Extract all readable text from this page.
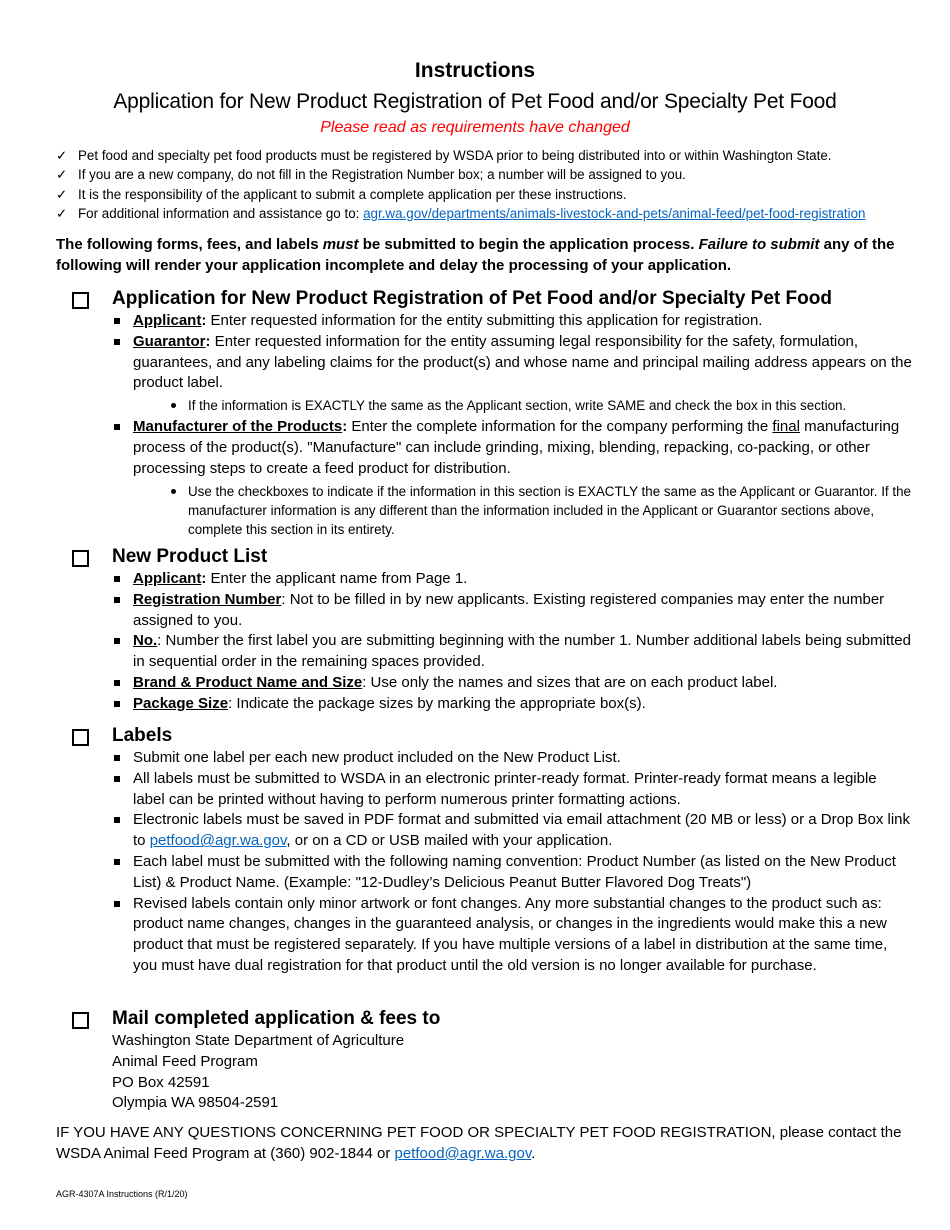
Instructions
Application for New Product Registration of Pet Food and/or Specialty Pet Food
Please read as requirements have changed
✓ Pet food and specialty pet food products must be registered by WSDA prior to being distributed into or within Washington State.
✓ If you are a new company, do not fill in the Registration Number box; a number will be assigned to you.
✓ It is the responsibility of the applicant to submit a complete application per these instructions.
✓ For additional information and assistance go to: agr.wa.gov/departments/animals-livestock-and-pets/animal-feed/pet-food-registration
The following forms, fees, and labels must be submitted to begin the application process. Failure to submit any of the following will render your application incomplete and delay the processing of your application.
Application for New Product Registration of Pet Food and/or Specialty Pet Food
Applicant: Enter requested information for the entity submitting this application for registration.
Guarantor: Enter requested information for the entity assuming legal responsibility for the safety, formulation, guarantees, and any labeling claims for the product(s) and whose name and principal mailing address appears on the product label.
If the information is EXACTLY the same as the Applicant section, write SAME and check the box in this section.
Manufacturer of the Products: Enter the complete information for the company performing the final manufacturing process of the product(s). "Manufacture" can include grinding, mixing, blending, repacking, co-packing, or other processing steps to create a feed product for distribution.
Use the checkboxes to indicate if the information in this section is EXACTLY the same as the Applicant or Guarantor. If the manufacturer information is any different than the information included in the Applicant or Guarantor sections above, complete this section in its entirety.
New Product List
Applicant: Enter the applicant name from Page 1.
Registration Number: Not to be filled in by new applicants. Existing registered companies may enter the number assigned to you.
No.: Number the first label you are submitting beginning with the number 1. Number additional labels being submitted in sequential order in the remaining spaces provided.
Brand & Product Name and Size: Use only the names and sizes that are on each product label.
Package Size: Indicate the package sizes by marking the appropriate box(s).
Labels
Submit one label per each new product included on the New Product List.
All labels must be submitted to WSDA in an electronic printer-ready format. Printer-ready format means a legible label can be printed without having to perform numerous printer formatting actions.
Electronic labels must be saved in PDF format and submitted via email attachment (20 MB or less) or a Drop Box link to petfood@agr.wa.gov, or on a CD or USB mailed with your application.
Each label must be submitted with the following naming convention: Product Number (as listed on the New Product List) & Product Name. (Example: "12-Dudley’s Delicious Peanut Butter Flavored Dog Treats")
Revised labels contain only minor artwork or font changes. Any more substantial changes to the product such as: product name changes, changes in the guaranteed analysis, or changes in the ingredients would make this a new product that must be registered separately. If you have multiple versions of a label in distribution at the same time, you must have dual registration for that product until the old version is no longer available for purchase.
Mail completed application & fees to
Washington State Department of Agriculture
Animal Feed Program
PO Box 42591
Olympia WA 98504-2591
IF YOU HAVE ANY QUESTIONS CONCERNING PET FOOD OR SPECIALTY PET FOOD REGISTRATION, please contact the WSDA Animal Feed Program at (360) 902-1844 or petfood@agr.wa.gov.
AGR-4307A Instructions (R/1/20)
